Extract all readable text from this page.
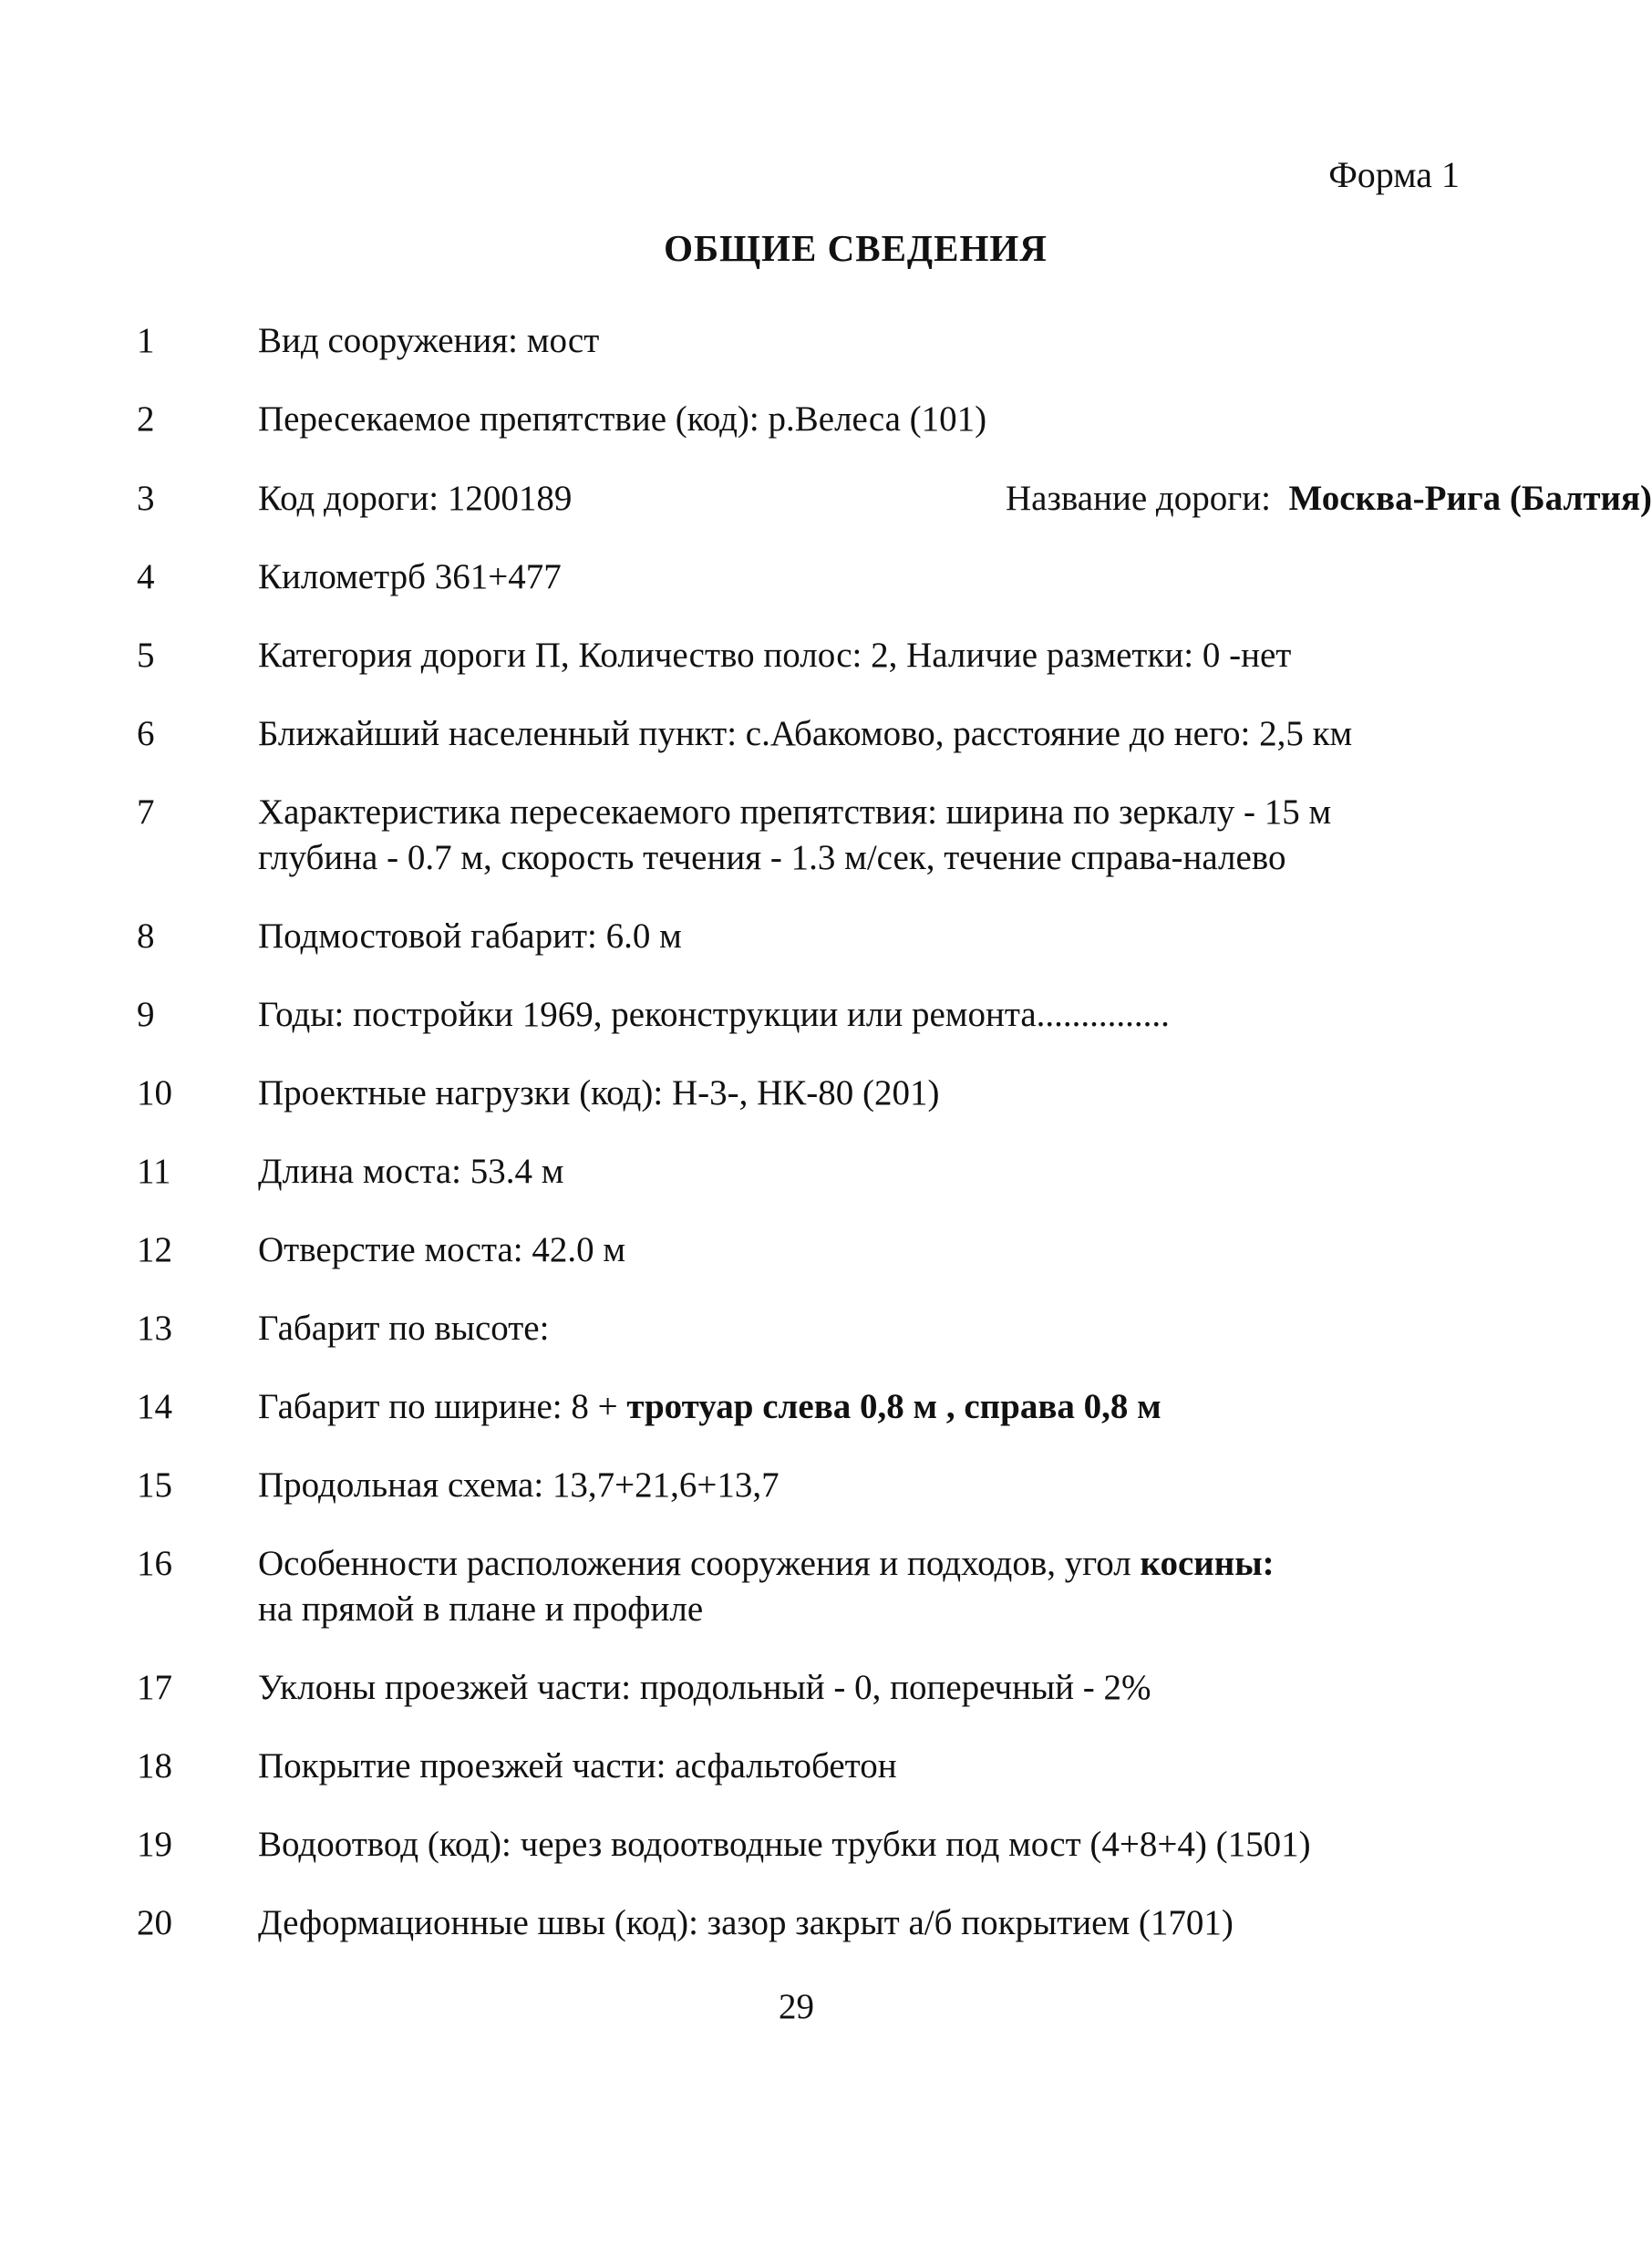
Форма 1
ОБЩИЕ СВЕДЕНИЯ
1	Вид сооружения: мост
2	Пересекаемое препятствие (код): р.Велеса (101)
3	Код дороги: 1200189	Название дороги: Москва-Рига (Балтия)
4	Километрб 361+477
5	Категория дороги П, Количество полос: 2, Наличие разметки: 0 -нет
6	Ближайший населенный пункт: с.Абакомово, расстояние до него: 2,5 км
7	Характеристика пересекаемого препятствия: ширина по зеркалу - 15 м
глубина - 0.7 м, скорость течения - 1.3 м/сек, течение справа-налево
8	Подмостовой габарит: 6.0 м
9	Годы: постройки 1969, реконструкции или ремонта...............
10	Проектные нагрузки (код): Н-3-, НК-80 (201)
11	Длина моста: 53.4 м
12	Отверстие моста: 42.0 м
13	Габарит по высоте:
14	Габарит по ширине: 8 + тротуар слева 0,8 м , справа 0,8 м
15	Продольная схема: 13,7+21,6+13,7
16	Особенности расположения сооружения и подходов, угол косины:
на прямой в плане и профиле
17	Уклоны проезжей части: продольный - 0, поперечный - 2%
18	Покрытие проезжей части: асфальтобетон
19	Водоотвод (код): через водоотводные трубки под мост (4+8+4) (1501)
20	Деформационные швы (код): зазор закрыт а/б покрытием (1701)
29
